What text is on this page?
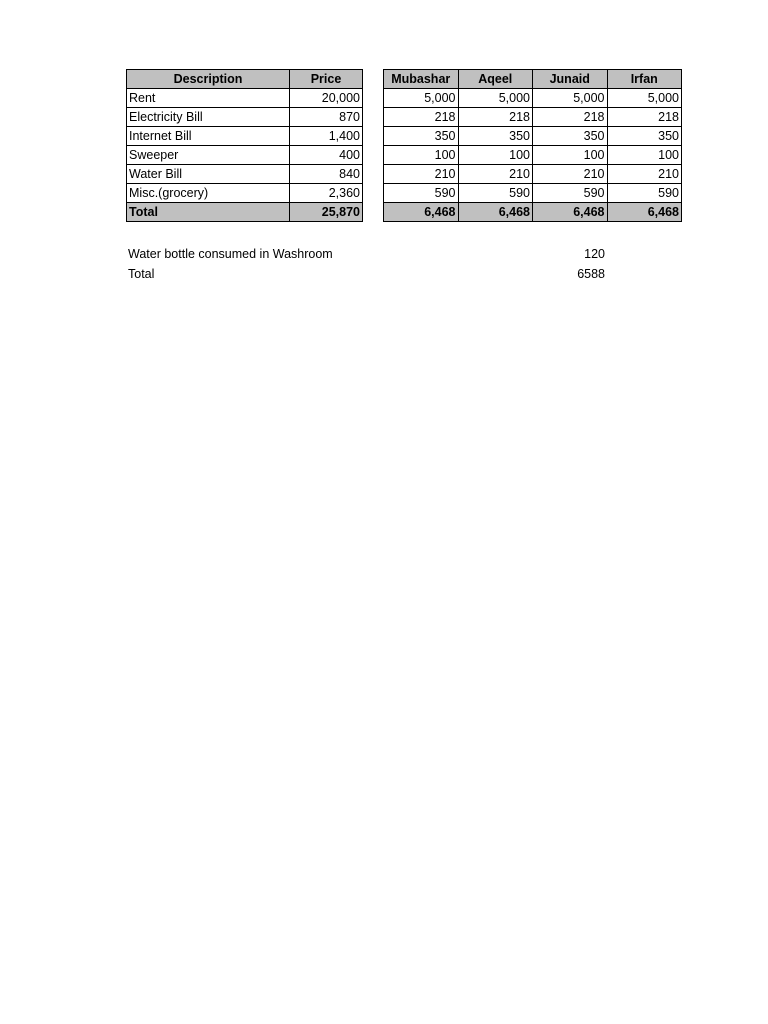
Description	Price
Rent	20,000
Electricity Bill	870
Internet Bill	1,400
Sweeper	400
Water Bill	840
Misc.(grocery)	2,360
Total	25,870
Mubashar	Aqeel	Junaid	Irfan
5,000	5,000	5,000	5,000
218	218	218	218
350	350	350	350
100	100	100	100
210	210	210	210
590	590	590	590
6,468	6,468	6,468	6,468
Water bottle consumed in Washroom	120
Total	6588
